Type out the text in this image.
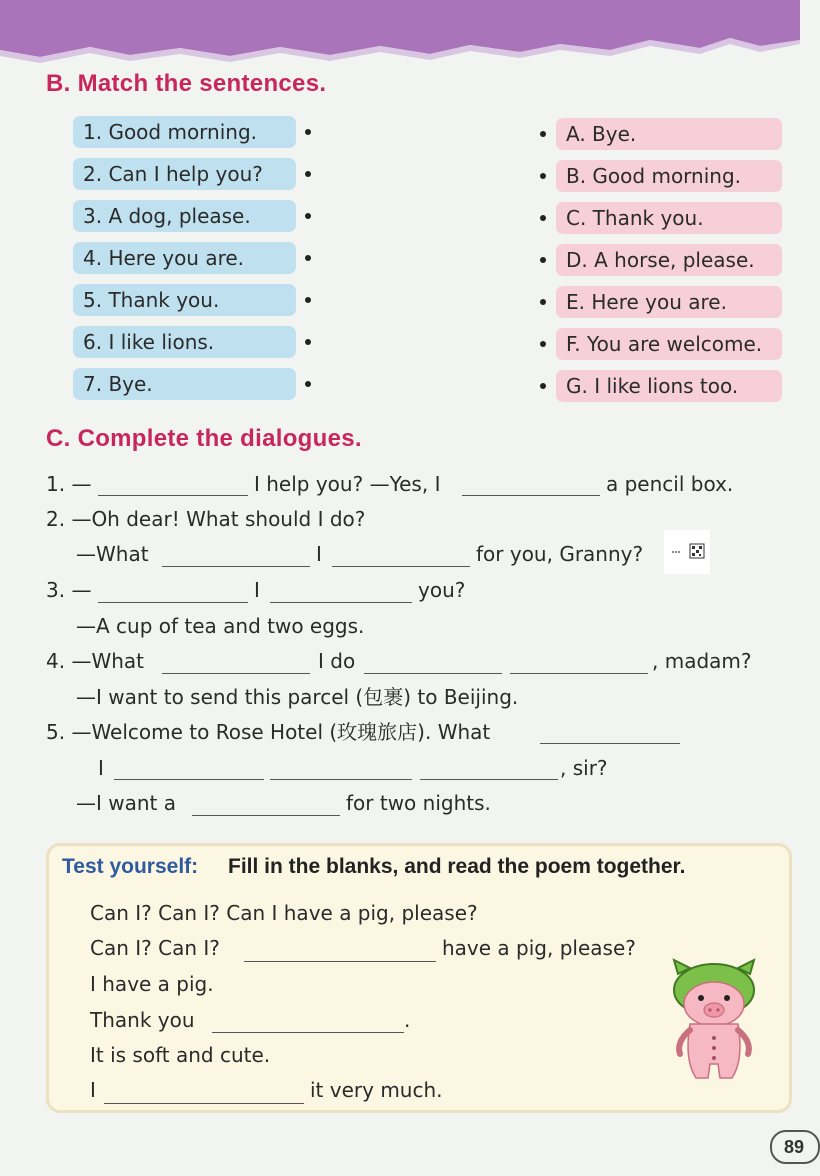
B. Match the sentences.
1. Good morning.
2. Can I help you?
3. A dog, please.
4. Here you are.
5. Thank you.
6. I like lions.
7. Bye.
A. Bye.
B. Good morning.
C. Thank you.
D. A horse, please.
E. Here you are.
F. You are welcome.
G. I like lions too.
C. Complete the dialogues.
1. —	I help you? —Yes, I	a pencil box.
2. —Oh dear! What should I do?
—What	I	for you, Granny?
3. —	I	you?
—A cup of tea and two eggs.
4. —What	I do	, madam?
—I want to send this parcel (包裹) to Beijing.
5. —Welcome to Rose Hotel (玫瑰旅店). What
I	, sir?
—I want a	for two nights.
Test yourself: Fill in the blanks, and read the poem together.
Can I? Can I? Can I have a pig, please?
Can I? Can I?	have a pig, please?
I have a pig.
Thank you	.
It is soft and cute.
I	it very much.
89
